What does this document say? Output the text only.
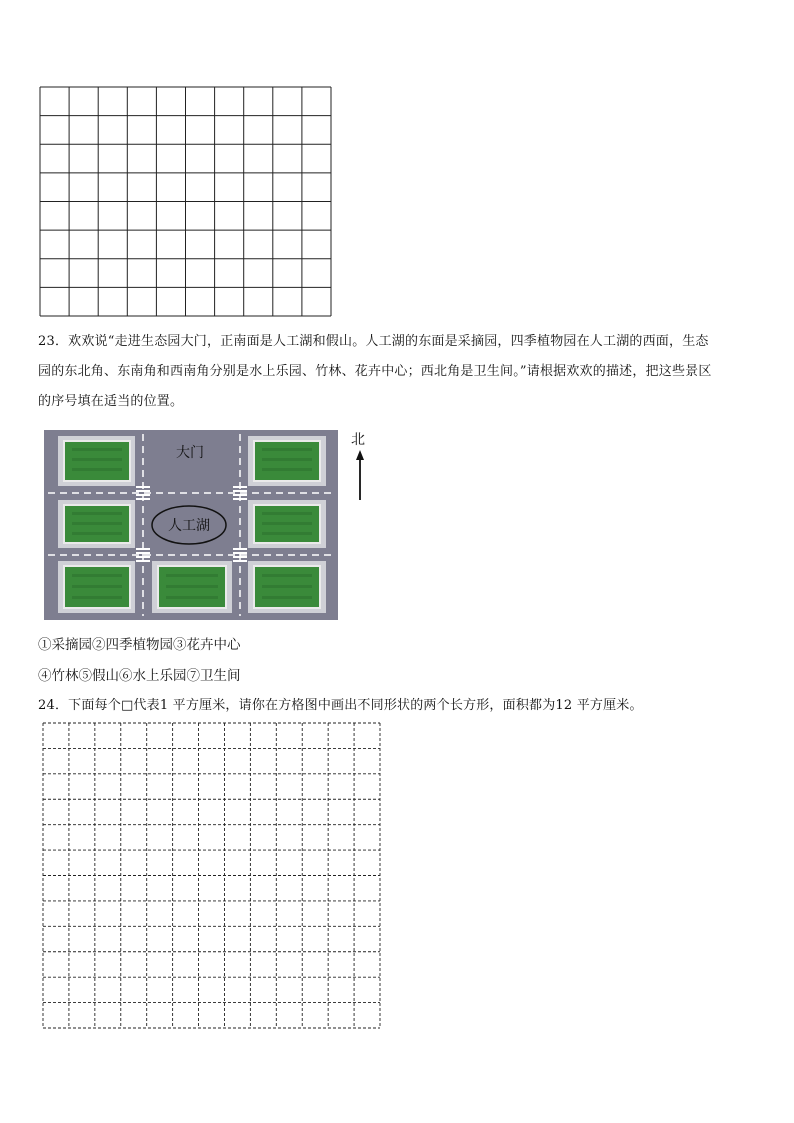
23．欢欢说“走进生态园大门，正南面是人工湖和假山。人工湖的东面是采摘园，四季植物园在人工湖的西面，生态
园的东北角、东南角和西南角分别是水上乐园、竹林、花卉中心；西北角是卫生间。”请根据欢欢的描述，把这些景区
的序号填在适当的位置。
大门
人工湖
北
①采摘园②四季植物园③花卉中心
④竹林⑤假山⑥水上乐园⑦卫生间
24．下面每个□代表1 平方厘米，请你在方格图中画出不同形状的两个长方形，面积都为12 平方厘米。
